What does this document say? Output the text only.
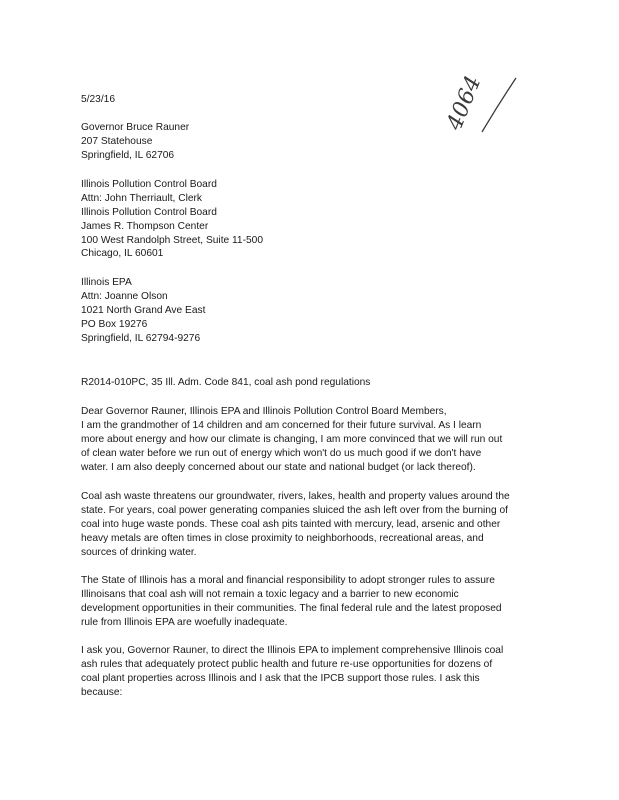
4064
5/23/16
Governor Bruce Rauner
207 Statehouse
Springfield, IL 62706
Illinois Pollution Control Board
Attn: John Therriault, Clerk
Illinois Pollution Control Board
James R. Thompson Center
100 West Randolph Street, Suite 11-500
Chicago, IL 60601
Illinois EPA
Attn: Joanne Olson
1021 North Grand Ave East
PO Box 19276
Springfield, IL 62794-9276
R2014-010PC, 35 Ill. Adm. Code 841, coal ash pond regulations
Dear Governor Rauner, Illinois EPA and Illinois Pollution Control Board Members,
I am the grandmother of 14 children and am concerned for their future survival. As I learn
more about energy and how our climate is changing, I am more convinced that we will run out
of clean water before we run out of energy which won't do us much good if we don't have
water. I am also deeply concerned about our state and national budget (or lack thereof).
Coal ash waste threatens our groundwater, rivers, lakes, health and property values around the
state. For years, coal power generating companies sluiced the ash left over from the burning of
coal into huge waste ponds. These coal ash pits tainted with mercury, lead, arsenic and other
heavy metals are often times in close proximity to neighborhoods, recreational areas, and
sources of drinking water.
The State of Illinois has a moral and financial responsibility to adopt stronger rules to assure
Illinoisans that coal ash will not remain a toxic legacy and a barrier to new economic
development opportunities in their communities. The final federal rule and the latest proposed
rule from Illinois EPA are woefully inadequate.
I ask you, Governor Rauner, to direct the Illinois EPA to implement comprehensive Illinois coal
ash rules that adequately protect public health and future re-use opportunities for dozens of
coal plant properties across Illinois and I ask that the IPCB support those rules. I ask this
because:
